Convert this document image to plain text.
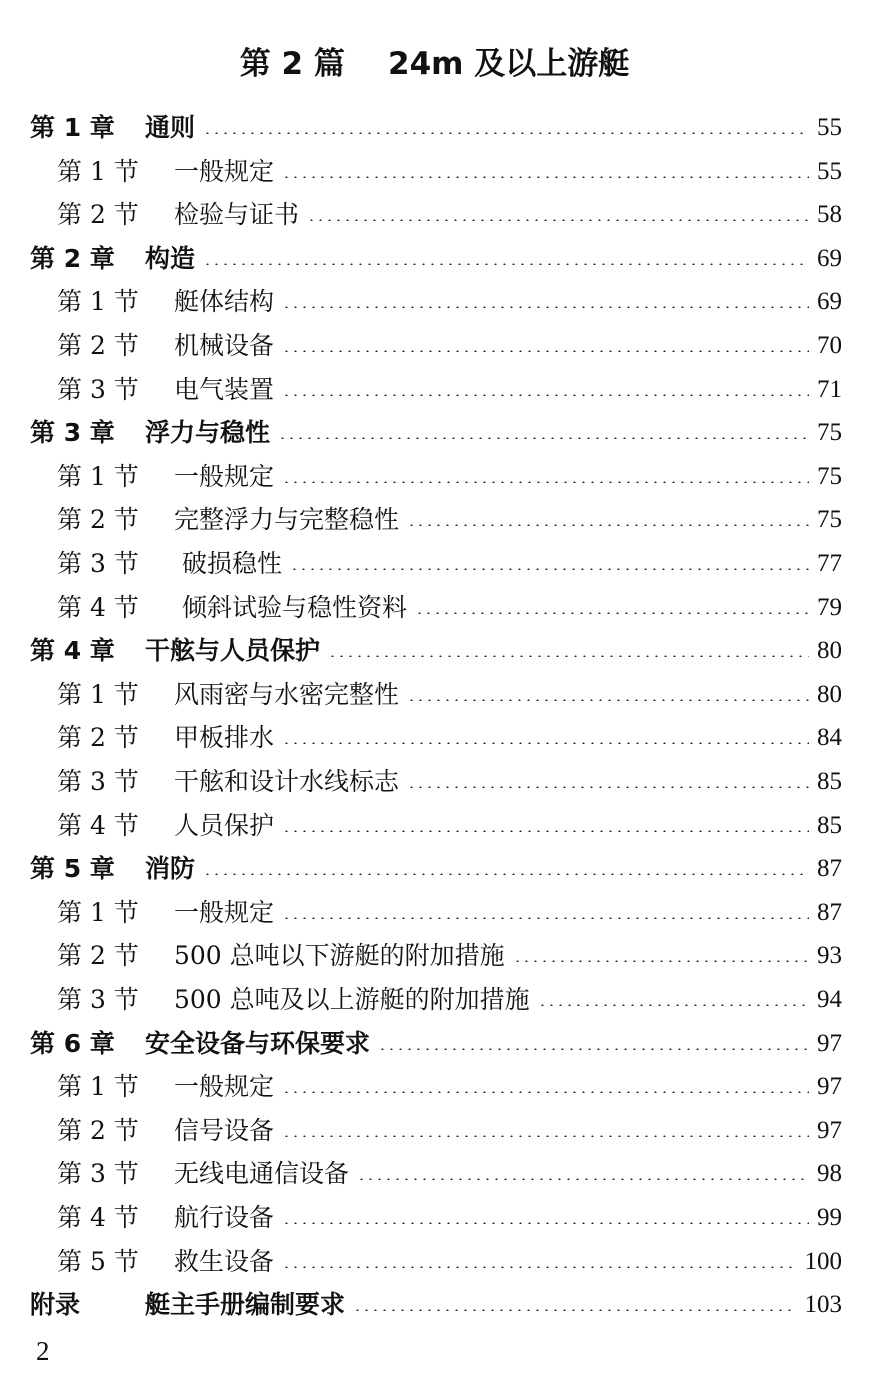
第 2 篇    24m 及以上游艇
第 1 章 通则	55
第 1 节 一般规定	55
第 2 节 检验与证书	58
第 2 章 构造	69
第 1 节 艇体结构	69
第 2 节 机械设备	70
第 3 节 电气装置	71
第 3 章 浮力与稳性	75
第 1 节 一般规定	75
第 2 节 完整浮力与完整稳性	75
第 3 节 破损稳性	77
第 4 节 倾斜试验与稳性资料	79
第 4 章 干舷与人员保护	80
第 1 节 风雨密与水密完整性	80
第 2 节 甲板排水	84
第 3 节 干舷和设计水线标志	85
第 4 节 人员保护	85
第 5 章 消防	87
第 1 节 一般规定	87
第 2 节 500 总吨以下游艇的附加措施	93
第 3 节 500 总吨及以上游艇的附加措施	94
第 6 章 安全设备与环保要求	97
第 1 节 一般规定	97
第 2 节 信号设备	97
第 3 节 无线电通信设备	98
第 4 节 航行设备	99
第 5 节 救生设备	100
附录	艇主手册编制要求	103
2
